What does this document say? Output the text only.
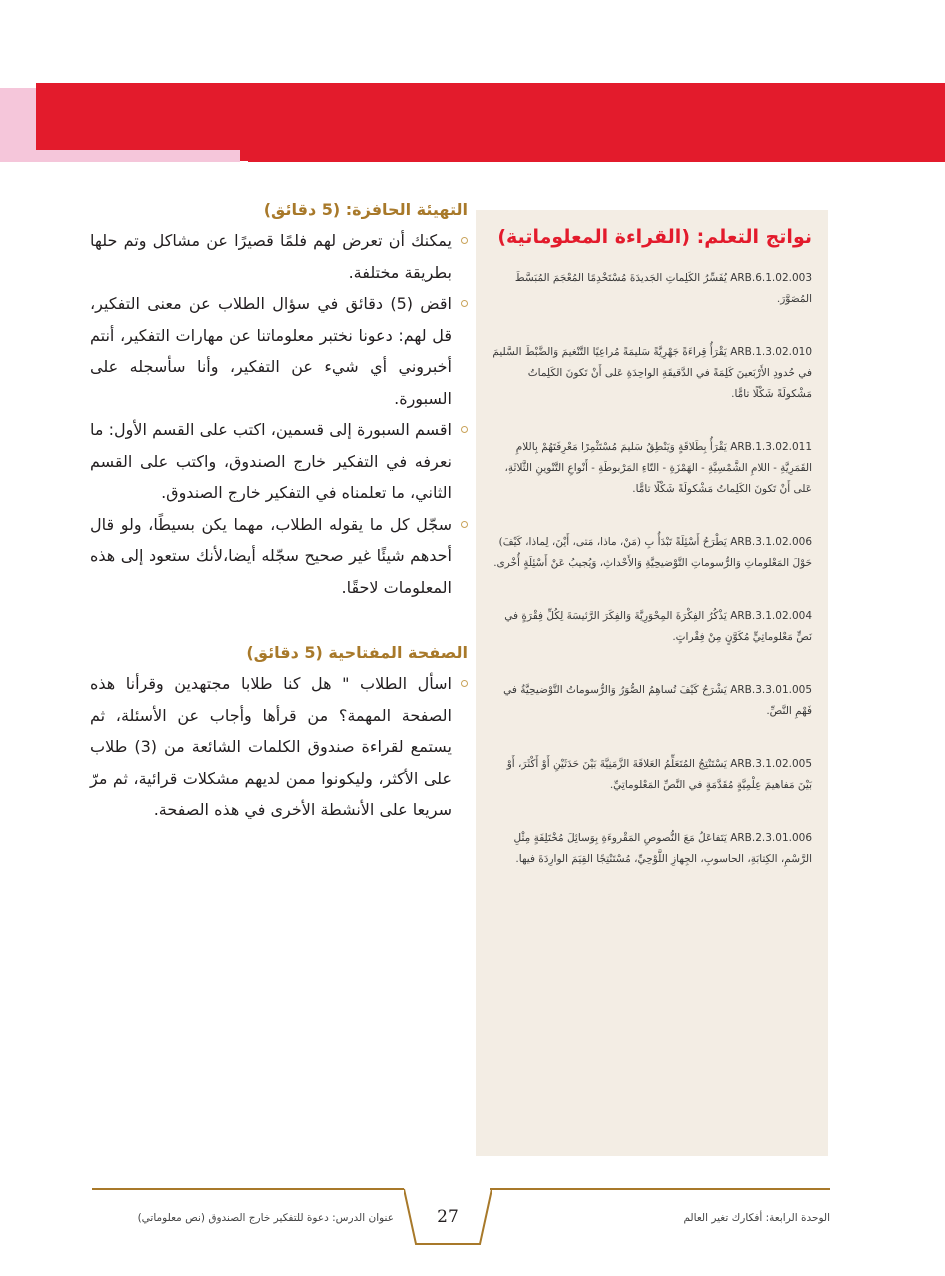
نواتج التعلم: (القراءة المعلوماتية)

ARB.6.1.02.003 يُفَسِّرُ الكَلِماتِ الجَديدَةَ مُسْتَخْدِمًا المُعْجَمَ المُبَسَّطَ المُصَوَّرَ.

ARB.1.3.02.010 يَقْرَأُ قِراءَةً جَهْرِيَّةً سَليمَةً مُراعِيًا التَّنْغيمَ وَالضَّبْطَ السَّليمَ في حُدودِ الأَرْبَعينَ كَلِمَةً في الدَّقيقَةِ الواحِدَةِ عَلى أَنْ تَكونَ الكَلِماتُ مَشْكولَةً شَكْلًا تامًّا.

ARB.1.3.02.011 يَقْرَأُ بِطَلاقَةٍ وَيَنْطِقُ سَليمَ مُسْتَثْمِرًا مَعْرِفَتَهُمْ بِاللامِ القَمَرِيَّةِ - اللامِ الشَّمْسِيَّةِ - الهَمْزَةِ - التّاءِ المَرْبوطَةِ - أَنْواعِ التَّنْوينِ الثَّلاثَةِ، عَلى أَنْ تَكونَ الكَلِماتُ مَشْكولَةً شَكْلًا تامًّا.

ARB.3.1.02.006 يَطْرَحُ أَسْئِلَةً تَبْدَأُ بِ (مَنْ، ماذا، مَتى، أَيْنَ، لِماذا، كَيْفَ) حَوْلَ المَعْلوماتِ وَالرُّسوماتِ التَّوْضيحِيَّةِ وَالأَحْداثِ، وَيُجيبُ عَنْ أَسْئِلَةٍ أُخْرى.

ARB.3.1.02.004 يَذْكُرُ الفِكْرَةَ المِحْوَرِيَّةَ وَالفِكَرَ الرَّئيسَةَ لِكُلِّ فِقْرَةٍ في نَصٍّ مَعْلوماتِيٍّ مُكَوَّنٍ مِنْ فِقْراتٍ.

ARB.3.3.01.005 يَشْرَحُ كَيْفَ تُساهِمُ الصُّوَرُ وَالرُّسوماتُ التَّوْضيحِيَّةُ في فَهْمِ النَّصِّ.

ARB.3.1.02.005 يَسْتَنْتِجُ المُتَعَلِّمُ العَلاقَةَ الزَّمَنِيَّةَ بَيْنَ حَدَثَيْنِ أَوْ أَكْثَرَ، أَوْ بَيْنَ مَفاهيمَ عِلْمِيَّةٍ مُقَدَّمَةٍ في النَّصِّ المَعْلوماتِيِّ.

ARB.2.3.01.006 يَتَفاعَلُ مَعَ النُّصوصِ المَقْروءَةِ بِوَسائِلَ مُخْتَلِفَةٍ مِثْلِ الرَّسْمِ، الكِتابَةِ، الحاسوبِ، الجِهازِ اللَّوْحِيِّ، مُسْتَنْتِجًا القِيَمَ الوارِدَةَ فيها.

التهيئة الحافزة: (5 دقائق)
يمكنك أن تعرض لهم فلمًا قصيرًا عن مشاكل وتم حلها بطريقة مختلفة.
اقض (5) دقائق في سؤال الطلاب عن معنى التفكير، قل لهم: دعونا نختبر معلوماتنا عن مهارات التفكير، أنتم أخبروني أي شيء عن التفكير، وأنا سأسجله على السبورة.
اقسم السبورة إلى قسمين، اكتب على القسم الأول: ما نعرفه في التفكير خارج الصندوق، واكتب على القسم الثاني، ما تعلمناه في التفكير خارج الصندوق.
سجّل كل ما يقوله الطلاب، مهما يكن بسيطًا، ولو قال أحدهم شيئًا غير صحيح سجّله أيضا،لأنك ستعود إلى هذه المعلومات لاحقًا.
الصفحة المفتاحية (5 دقائق)
اسأل الطلاب " هل كنا طلابا مجتهدين وقرأنا هذه الصفحة المهمة؟ من قرأها وأجاب عن الأسئلة، ثم يستمع لقراءة صندوق الكلمات الشائعة من (3) طلاب على الأكثر، وليكونوا ممن لديهم مشكلات قرائية، ثم مرّ سريعا على الأنشطة الأخرى في هذه الصفحة.
27
عنوان الدرس: دعوة للتفكير خارج الصندوق (نص معلوماتي)	الوحدة الرابعة: أفكارك تغير العالم
